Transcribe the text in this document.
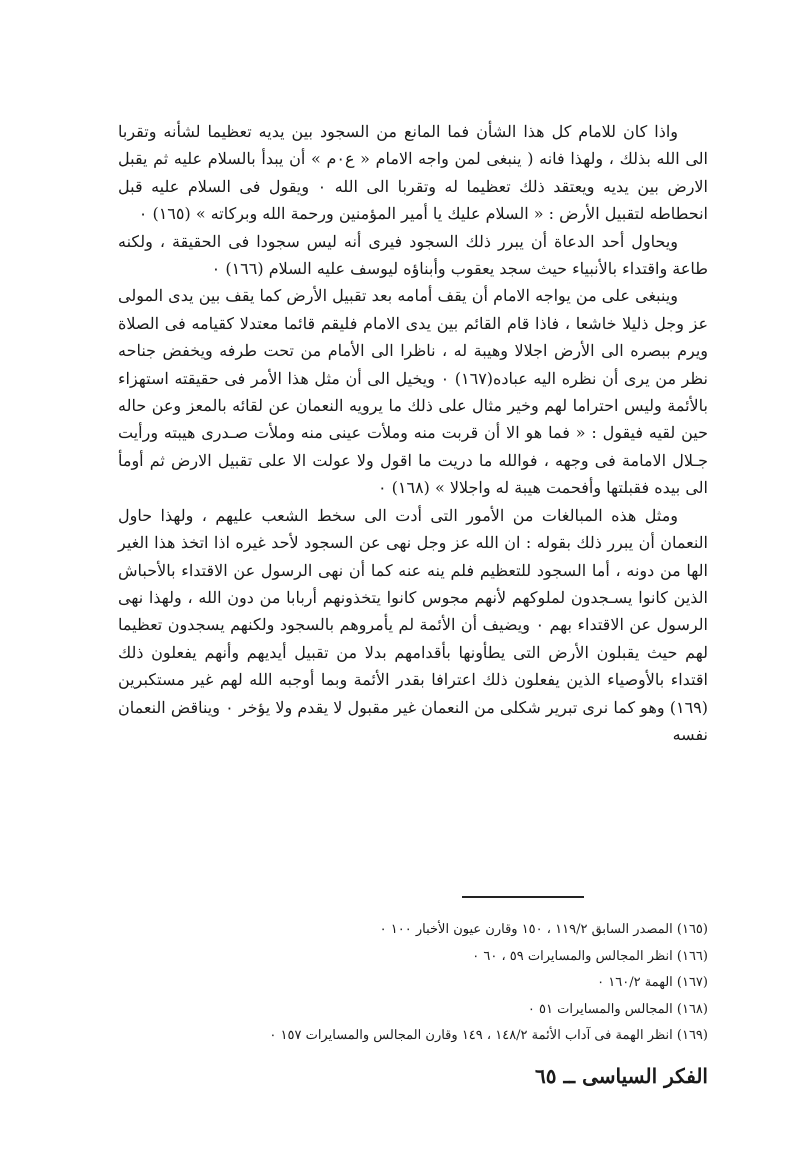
واذا كان للامام كل هذا الشأن فما المانع من السجود بين يديه تعظيما لشأنه وتقربا الى الله بذلك ، ولهذا فانه ( ينبغى لمن واجه الامام « ع٠م » أن يبدأ بالسلام عليه ثم يقبل الارض بين يديه ويعتقد ذلك تعظيما له وتقربا الى الله ٠ ويقول فى السلام عليه قبل انحطاطه لتقبيل الأرض : « السلام عليك يا أمير المؤمنين ورحمة الله وبركاته » (١٦٥) ٠

ويحاول أحد الدعاة أن يبرر ذلك السجود فيرى أنه ليس سجودا فى الحقيقة ، ولكنه طاعة واقتداء بالأنبياء حيث سجد يعقوب وأبناؤه ليوسف عليه السلام (١٦٦) ٠

وينبغى على من يواجه الامام أن يقف أمامه بعد تقبيل الأرض كما يقف بين يدى المولى عز وجل ذليلا خاشعا ، فاذا قام القائم بين يدى الامام فليقم قائما معتدلا كقيامه فى الصلاة ويرم ببصره الى الأرض اجلالا وهيبة له ، ناظرا الى الأمام من تحت طرفه ويخفض جناحه نظر من يرى أن نظره اليه عباده(١٦٧) ٠ ويخيل الى أن مثل هذا الأمر فى حقيقته استهزاء بالأئمة وليس احتراما لهم وخير مثال على ذلك ما يرويه النعمان عن لقائه بالمعز وعن حاله حين لقيه فيقول : « فما هو الا أن قربت منه وملأت عينى منه وملأت صـدرى هيبته ورأيت جـلال الامامة فى وجهه ، فوالله ما دريت ما اقول ولا عولت الا على تقبيل الارض ثم أومأ الى بيده فقبلتها وأفحمت هيبة له واجلالا » (١٦٨) ٠

ومثل هذه المبالغات من الأمور التى أدت الى سخط الشعب عليهم ، ولهذا حاول النعمان أن يبرر ذلك بقوله : ان الله عز وجل نهى عن السجود لأحد غيره اذا اتخذ هذا الغير الها من دونه ، أما السجود للتعظيم فلم ينه عنه كما أن نهى الرسول عن الاقتداء بالأحباش الذين كانوا يسـجدون لملوكهم لأنهم مجوس كانوا يتخذونهم أربابا من دون الله ، ولهذا نهى الرسول عن الاقتداء بهم ٠ ويضيف أن الأئمة لم يأمروهم بالسجود ولكنهم يسجدون تعظيما لهم حيث يقبلون الأرض التى يطأونها بأقدامهم بدلا من تقبيل أيديهم وأنهم يفعلون ذلك اقتداء بالأوصياء الذين يفعلون ذلك اعترافا بقدر الأئمة وبما أوجبه الله لهم غير مستكبرين (١٦٩) وهو كما نرى تبرير شكلى من النعمان غير مقبول لا يقدم ولا يؤخر ٠ ويناقض النعمان نفسه

(١٦٥) المصدر السابق ١١٩/٢ ، ١٥٠ وقارن عيون الأخبار ١٠٠ ٠
(١٦٦) انظر المجالس والمسايرات ٥٩ ، ٦٠ ٠
(١٦٧) الهمة ١٦٠/٢ ٠
(١٦٨) المجالس والمسايرات ٥١ ٠
(١٦٩) انظر الهمة فى آداب الأئمة ١٤٨/٢ ، ١٤٩ وقارن المجالس والمسايرات ١٥٧ ٠
الفكر السياسى ــ ٦٥
